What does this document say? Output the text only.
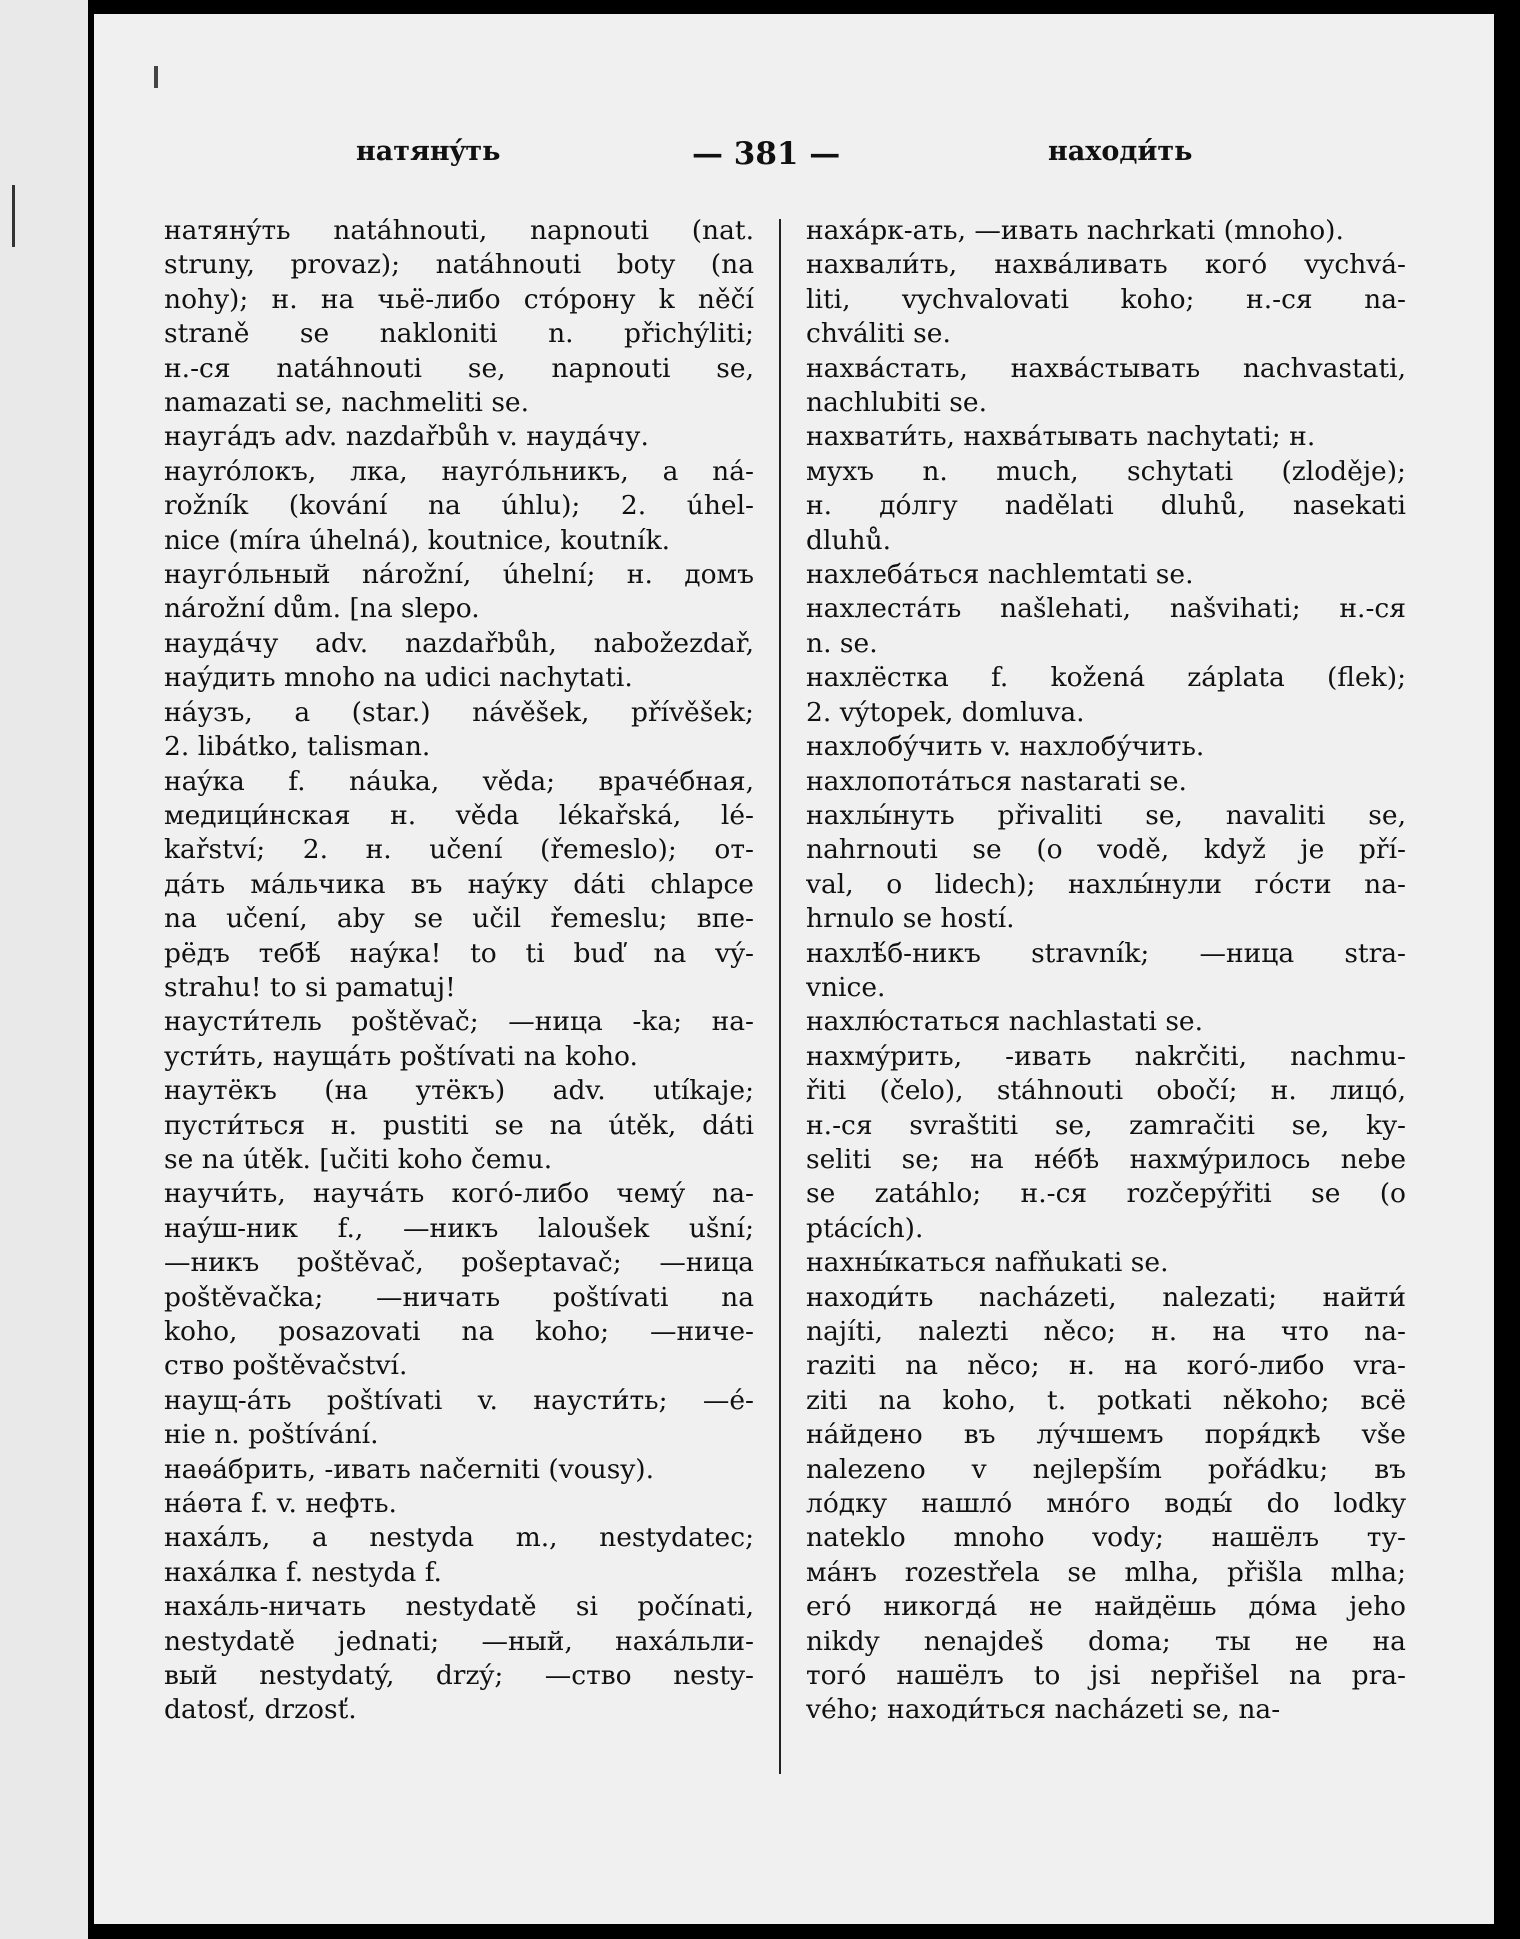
натянýть	— 381 —	находи́ть
натянýть natáhnouti, napnouti (nat.
struny, provaz); natáhnouti boty (na
nohy); н. на чьё-либо стóрону k něčí
straně se nakloniti n. přichýliti;
н.-ся natáhnouti se, napnouti se,
namazati se, nachmeliti se.
наугáдъ adv. nazdařbůh v. наудáчу.
науróлокъ, лка, наугóльникъ, a ná-
rožník (kování na úhlu); 2. úhel-
nice (míra úhelná), koutnice, koutník.
наугóльный nárožní, úhelní; н. домъ
nárožní dům. [na slepo.
наудáчу adv. nazdařbůh, nabožezdař,
наýдить mnoho na udici nachytati.
нáузъ, a (star.) návěšek, přívěšek;
2. libátko, talisman.
наýка f. náuka, věda; врачéбная,
медици́нская н. věda lékařská, lé-
kařství; 2. н. učení (řemeslo); от-
дáть мáльчика въ наýку dáti chlapce
na učení, aby se učil řemeslu; впе-
рёдъ тебѣ́ наýка! to ti buď na vý-
strahu! to si pamatuj!
наусти́тель poštěvač; —ница -ka; на-
усти́ть, наущáть poštívati na koho.
наутёкъ (на утёкъ) adv. utíkaje;
пусти́ться н. pustiti se na útěk, dáti
se na útěk. [učiti koho čemu.
научи́ть, научáть когó-либо чемý na-
наýш-ник f., —никъ laloušek ušní;
—никъ poštěvač, pošeptavač; —ница
poštěvačka; —ничать poštívati na
koho, posazovati na koho; —ниче-
ство poštěvačství.
наущ-áть poštívati v. наусти́ть; —é-
ніе n. poštívání.
наѳáбрить, -ивать načerniti (vousy).
нáѳта f. v. нефть.
нахáлъ, a nestyda m., nestydatec;
нахáлка f. nestyda f.
нахáль-ничать nestydatě si počínati,
nestydatě jednati; —ный, нахáльли-
вый nestydatý, drzý; —ство nesty-
datosť, drzosť.
нахáрк-ать, —ивать nachrkati (mnoho).
нахвали́ть, нахвáливать когó vychvá-
liti, vychvalovati koho; н.-ся na-
chváliti se.
нахвáстать, нахвáстывать nachvastati,
nachlubiti se.
нахвати́ть, нахвáтывать nachytati; н.
мухъ n. much, schytati (zloděje);
н. дóлгу nadělati dluhů, nasekati
dluhů.
нахлебáться nachlemtati se.
нахлестáть našlehati, našvihati; н.-ся
n. se.
нахлёстка f. kožená záplata (flek);
2. výtopek, domluva.
нахлобýчить v. нахлобýчить.
нахлопотáться nastarati se.
нахлы́нуть přivaliti se, navaliti se,
nahrnouti se (o vodě, když je pří-
val, o lidech); нахлы́нули гóсти na-
hrnulo se hostí.
нахлѣ́б-никъ stravník; —ница stra-
vnice.
нахлю́статься nachlastati se.
нахмýрить, -ивать nakrčiti, nachmu-
řiti (čelo), stáhnouti obočí; н. лицó,
н.-ся svraštiti se, zamračiti se, ky-
seliti se; на нéбѣ нахмýрилось nebe
se zatáhlo; н.-ся rozčepýřiti se (o
ptácích).
нахны́каться nafňukati se.
находи́ть nacházeti, nalezati; найти́
najíti, nalezti něco; н. на что na-
raziti na něco; н. на когó-либо vra-
ziti na koho, t. potkati někoho; всё
нáйдено въ лýчшемъ поря́дкѣ vše
nalezeno v nejlepším pořádku; въ
лóдку нашлó мнóго воды́ do lodky
nateklo mnoho vody; нашёлъ ту-
мáнъ rozestřela se mlha, přišla mlha;
егó никогдá не найдёшь дóма jeho
nikdy nenajdeš doma; ты не на
тогó нашёлъ to jsi nepřišel na pra-
vého; находи́ться nacházeti se, na-
